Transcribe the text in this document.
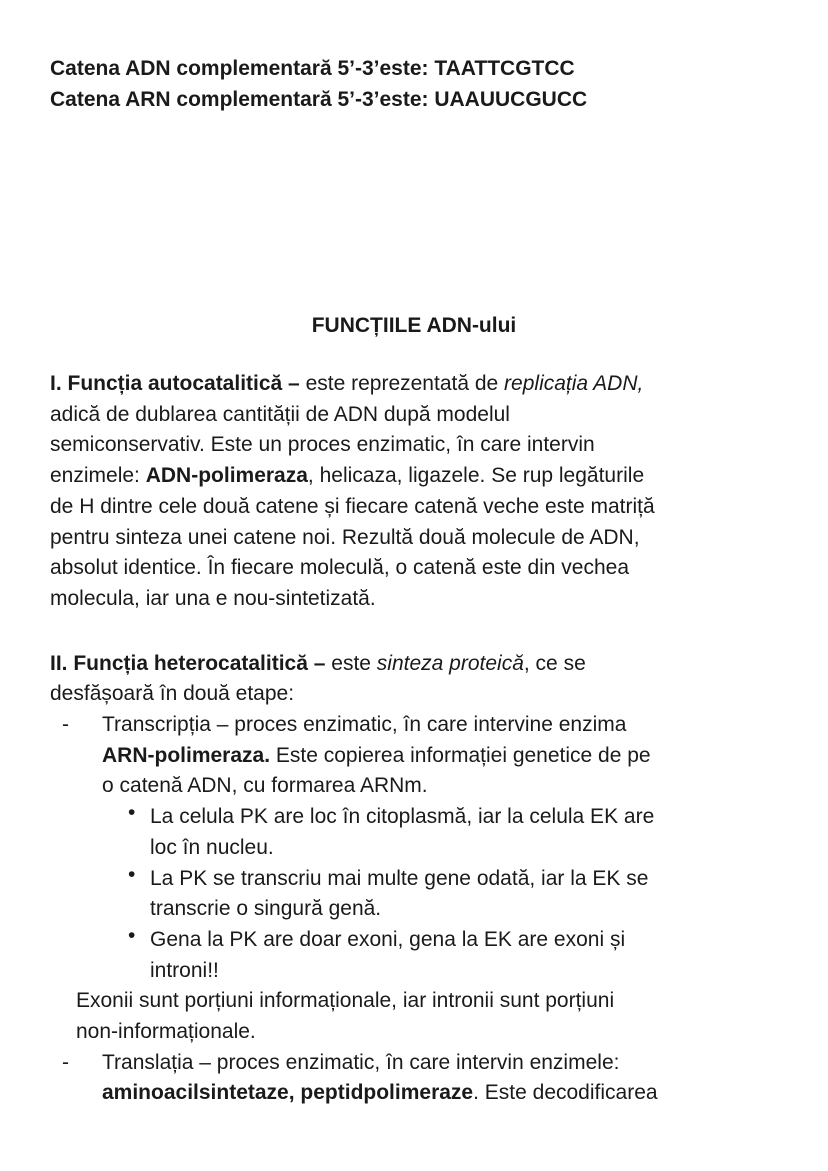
Catena ADN complementară 5’-3’este: TAATTCGTCC
Catena ARN complementară 5’-3’este: UAAUUCGUCC
FUNCȚIILE ADN-ului
I. Funcția autocatalitică – este reprezentată de replicația ADN,
adică de dublarea cantității de ADN după modelul
semiconservativ. Este un proces enzimatic, în care intervin
enzimele: ADN-polimeraza, helicaza, ligazele. Se rup legăturile
de H dintre cele două catene și fiecare catenă veche este matriță
pentru sinteza unei catene noi. Rezultă două molecule de ADN,
absolut identice. În fiecare moleculă, o catenă este din vechea
molecula, iar una e nou-sintetizată.
II. Funcția heterocatalitică – este sinteza proteică, ce se
desfășoară în două etape:
- Transcripția – proces enzimatic, în care intervine enzima
ARN-polimeraza. Este copierea informației genetice de pe
o catenă ADN, cu formarea ARNm.
• La celula PK are loc în citoplasmă, iar la celula EK are
loc în nucleu.
• La PK se transcriu mai multe gene odată, iar la EK se
transcrie o singură genă.
• Gena la PK are doar exoni, gena la EK are exoni și
introni!!
Exonii sunt porțiuni informaționale, iar intronii sunt porțiuni
non-informaționale.
- Translația – proces enzimatic, în care intervin enzimele:
aminoacilsintetaze, peptidpolimeraze. Este decodificarea
